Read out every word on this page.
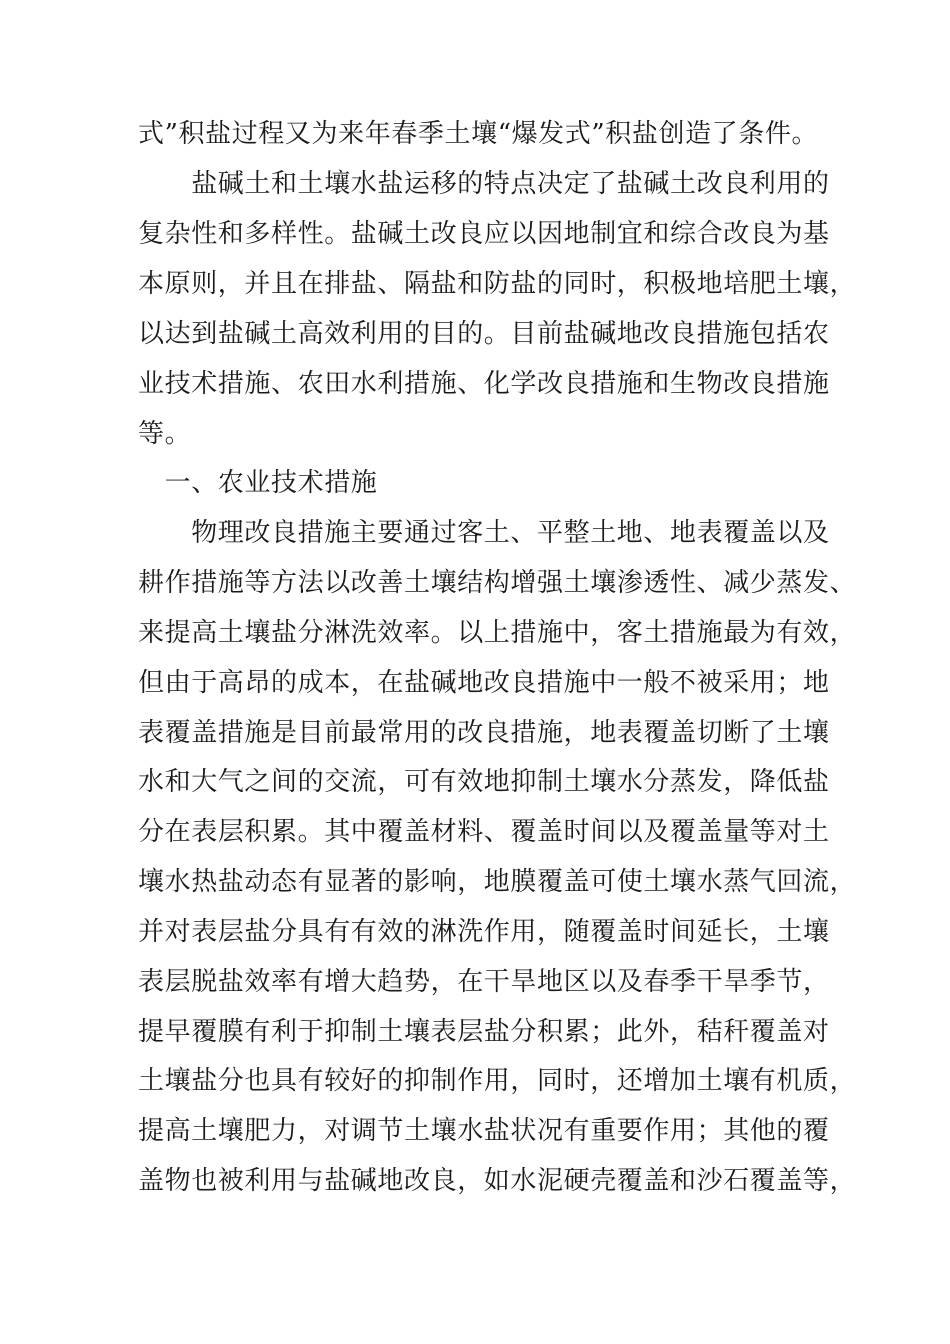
式”积盐过程又为来年春季土壤“爆发式”积盐创造了条件。
　　盐碱土和土壤水盐运移的特点决定了盐碱土改良利用的
复杂性和多样性。盐碱土改良应以因地制宜和综合改良为基
本原则，并且在排盐、隔盐和防盐的同时，积极地培肥土壤，
以达到盐碱土高效利用的目的。目前盐碱地改良措施包括农
业技术措施、农田水利措施、化学改良措施和生物改良措施
等。
　一、农业技术措施
　　物理改良措施主要通过客土、平整土地、地表覆盖以及
耕作措施等方法以改善土壤结构增强土壤渗透性、减少蒸发、
来提高土壤盐分淋洗效率。以上措施中，客土措施最为有效，
但由于高昂的成本，在盐碱地改良措施中一般不被采用；地
表覆盖措施是目前最常用的改良措施，地表覆盖切断了土壤
水和大气之间的交流，可有效地抑制土壤水分蒸发，降低盐
分在表层积累。其中覆盖材料、覆盖时间以及覆盖量等对土
壤水热盐动态有显著的影响，地膜覆盖可使土壤水蒸气回流，
并对表层盐分具有有效的淋洗作用，随覆盖时间延长，土壤
表层脱盐效率有增大趋势，在干旱地区以及春季干旱季节，
提早覆膜有利于抑制土壤表层盐分积累；此外，秸秆覆盖对
土壤盐分也具有较好的抑制作用，同时，还增加土壤有机质，
提高土壤肥力，对调节土壤水盐状况有重要作用；其他的覆
盖物也被利用与盐碱地改良，如水泥硬壳覆盖和沙石覆盖等，
